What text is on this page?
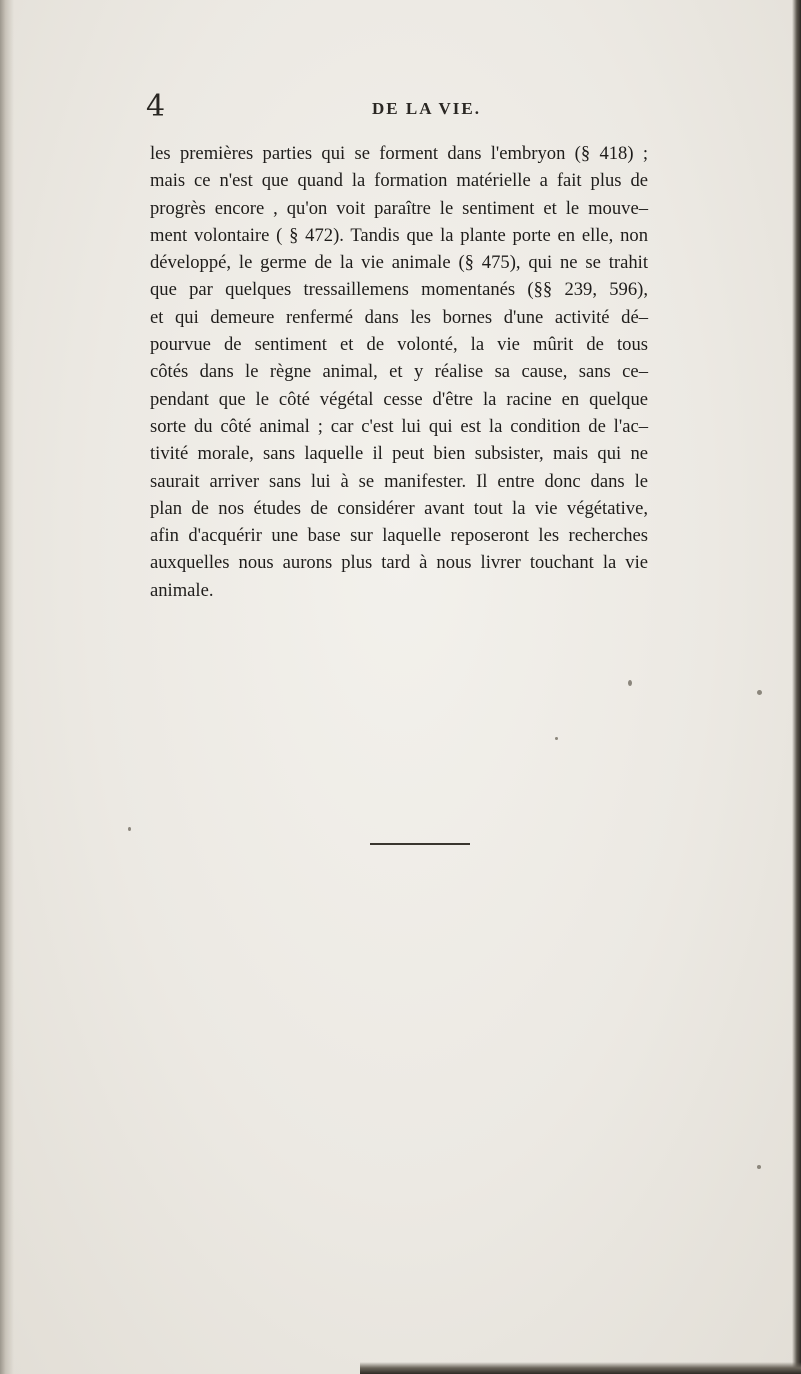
4	DE LA VIE.
les premières parties qui se forment dans l'embryon (§ 418) ;
mais ce n'est que quand la formation matérielle a fait plus de
progrès encore , qu'on voit paraître le sentiment et le mouve–
ment volontaire ( § 472). Tandis que la plante porte en elle, non
développé, le germe de la vie animale (§ 475), qui ne se trahit
que par quelques tressaillemens momentanés (§§ 239, 596),
et qui demeure renfermé dans les bornes d'une activité dé–
pourvue de sentiment et de volonté, la vie mûrit de tous
côtés dans le règne animal, et y réalise sa cause, sans ce–
pendant que le côté végétal cesse d'être la racine en quelque
sorte du côté animal ; car c'est lui qui est la condition de l'ac–
tivité morale, sans laquelle il peut bien subsister, mais qui ne
saurait arriver sans lui à se manifester. Il entre donc dans le
plan de nos études de considérer avant tout la vie végétative,
afin d'acquérir une base sur laquelle reposeront les recherches
auxquelles nous aurons plus tard à nous livrer touchant la vie
animale.
